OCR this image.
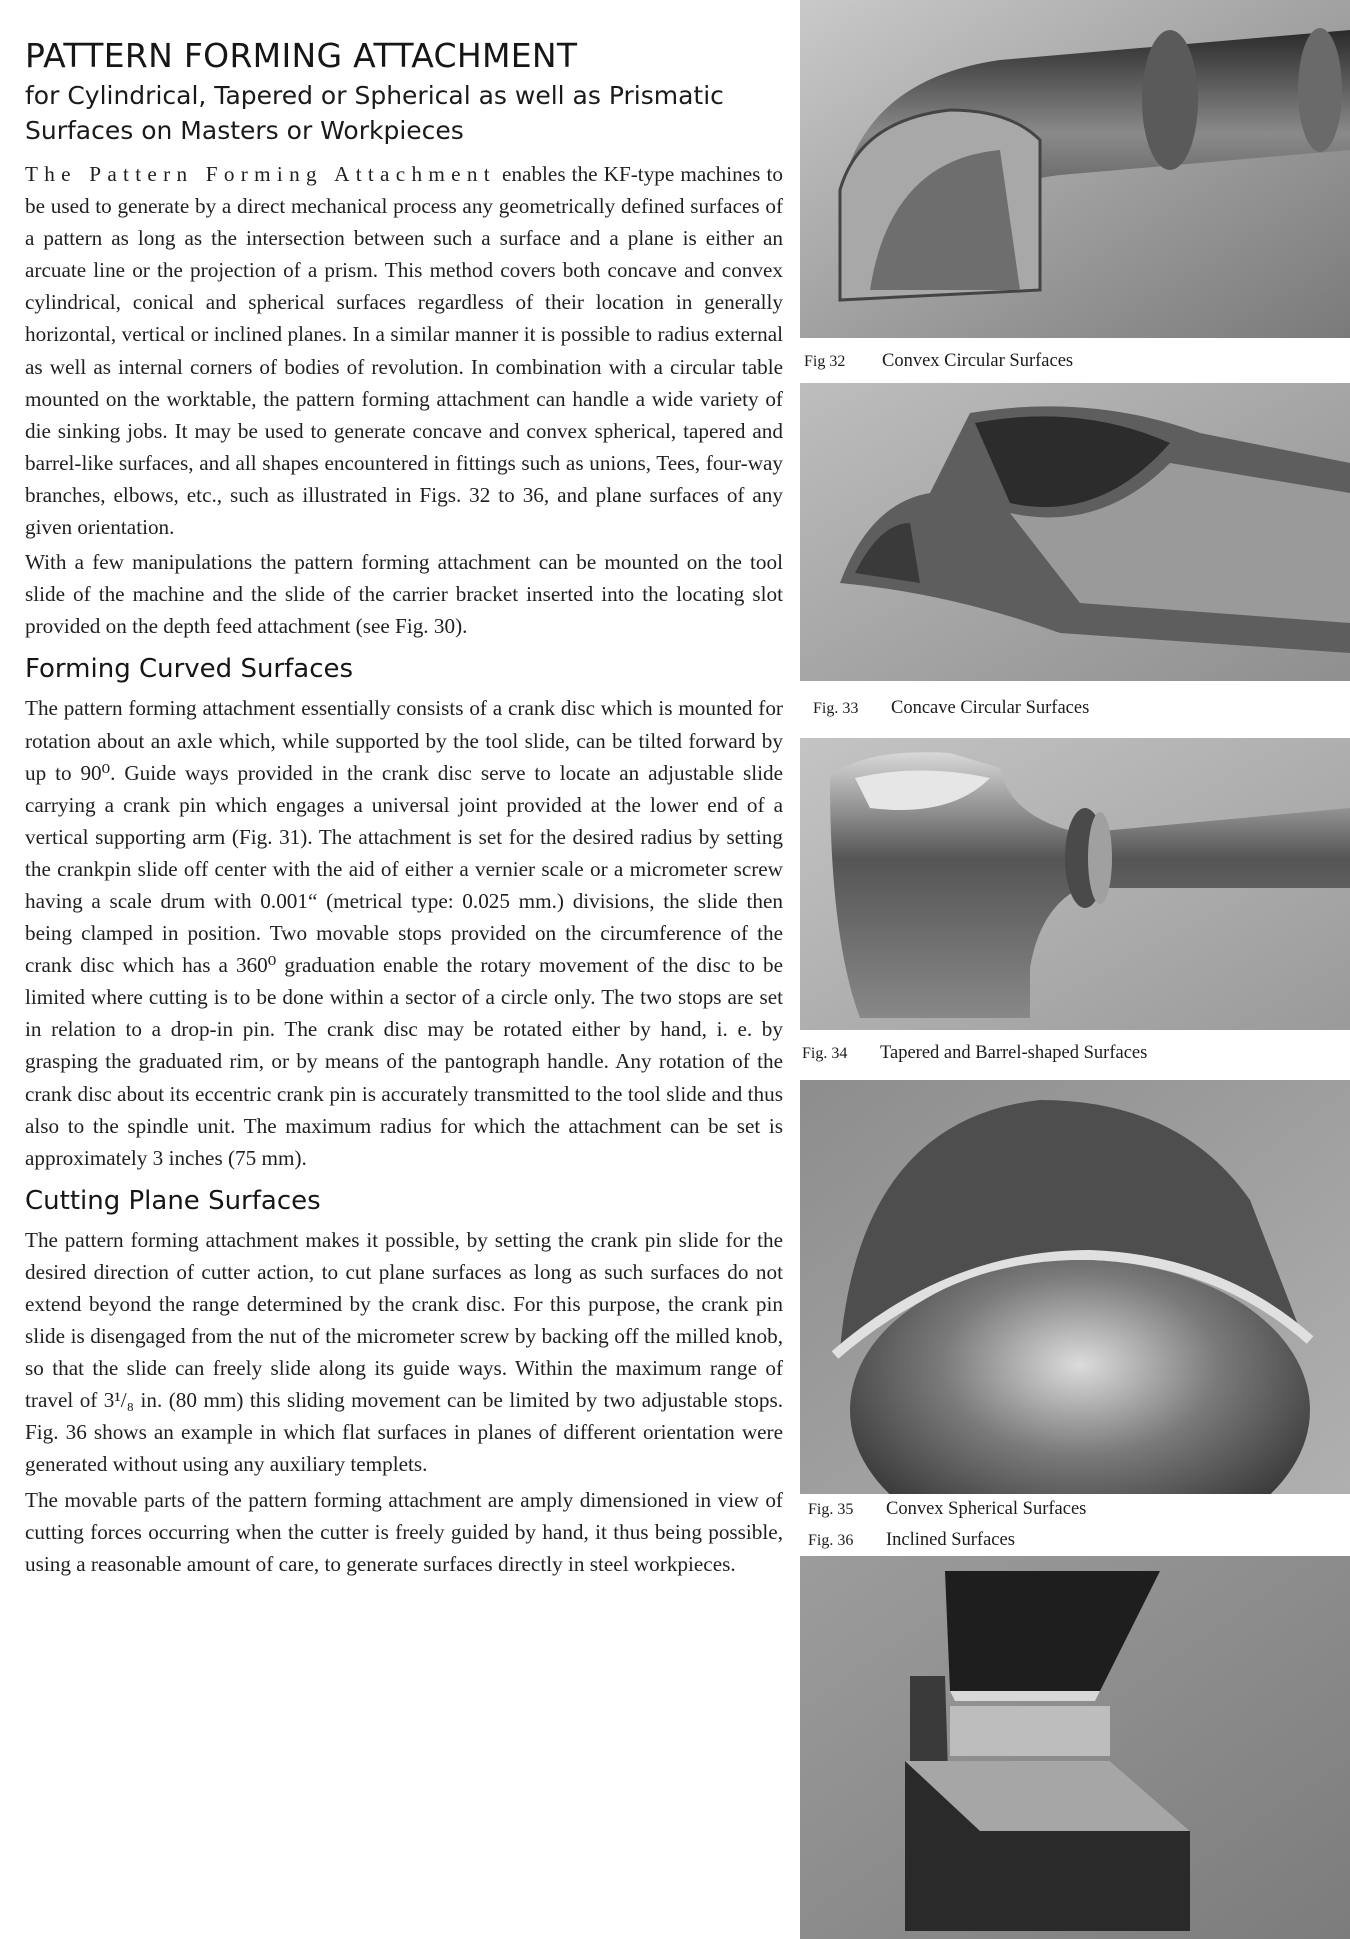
PATTERN FORMING ATTACHMENT
for Cylindrical, Tapered or Spherical as well as Prismatic Surfaces on Masters or Workpieces

The Pattern Forming Attachment enables the KF-type machines to be used to generate by a direct mechanical process any geometrically defined surfaces of a pattern as long as the intersection between such a surface and a plane is either an arcuate line or the projection of a prism. This method covers both concave and convex cylindrical, conical and spherical surfaces regardless of their location in generally horizontal, vertical or inclined planes. In a similar manner it is possible to radius external as well as internal corners of bodies of revolution. In combination with a circular table mounted on the worktable, the pattern forming attachment can handle a wide variety of die sinking jobs. It may be used to generate concave and convex spherical, tapered and barrel-like surfaces, and all shapes encountered in fittings such as unions, Tees, four-way branches, elbows, etc., such as illustrated in Figs. 32 to 36, and plane surfaces of any given orientation.

With a few manipulations the pattern forming attachment can be mounted on the tool slide of the machine and the slide of the carrier bracket inserted into the locating slot provided on the depth feed attachment (see Fig. 30).

Forming Curved Surfaces

The pattern forming attachment essentially consists of a crank disc which is mounted for rotation about an axle which, while supported by the tool slide, can be tilted forward by up to 90⁰. Guide ways provided in the crank disc serve to locate an adjustable slide carrying a crank pin which engages a universal joint provided at the lower end of a vertical supporting arm (Fig. 31). The attachment is set for the desired radius by setting the crankpin slide off center with the aid of either a vernier scale or a micrometer screw having a scale drum with 0.001“ (metrical type: 0.025 mm.) divisions, the slide then being clamped in position. Two movable stops provided on the circumference of the crank disc which has a 360⁰ graduation enable the rotary movement of the disc to be limited where cutting is to be done within a sector of a circle only. The two stops are set in relation to a drop-in pin. The crank disc may be rotated either by hand, i. e. by grasping the graduated rim, or by means of the pantograph handle. Any rotation of the crank disc about its eccentric crank pin is accurately transmitted to the tool slide and thus also to the spindle unit. The maximum radius for which the attachment can be set is approximately 3 inches (75 mm).

Cutting Plane Surfaces

The pattern forming attachment makes it possible, by setting the crank pin slide for the desired direction of cutter action, to cut plane surfaces as long as such surfaces do not extend beyond the range determined by the crank disc. For this purpose, the crank pin slide is disengaged from the nut of the micrometer screw by backing off the milled knob, so that the slide can freely slide along its guide ways. Within the maximum range of travel of 3¹/₈ in. (80 mm) this sliding movement can be limited by two adjustable stops. Fig. 36 shows an example in which flat surfaces in planes of different orientation were generated without using any auxiliary templets.

The movable parts of the pattern forming attachment are amply dimensioned in view of cutting forces occurring when the cutter is freely guided by hand, it thus being possible, using a reasonable amount of care, to generate surfaces directly in steel workpieces.

Fig 32 Convex Circular Surfaces
Fig. 33 Concave Circular Surfaces
Fig. 34 Tapered and Barrel-shaped Surfaces
Fig. 35 Convex Spherical Surfaces
Fig. 36 Inclined Surfaces
